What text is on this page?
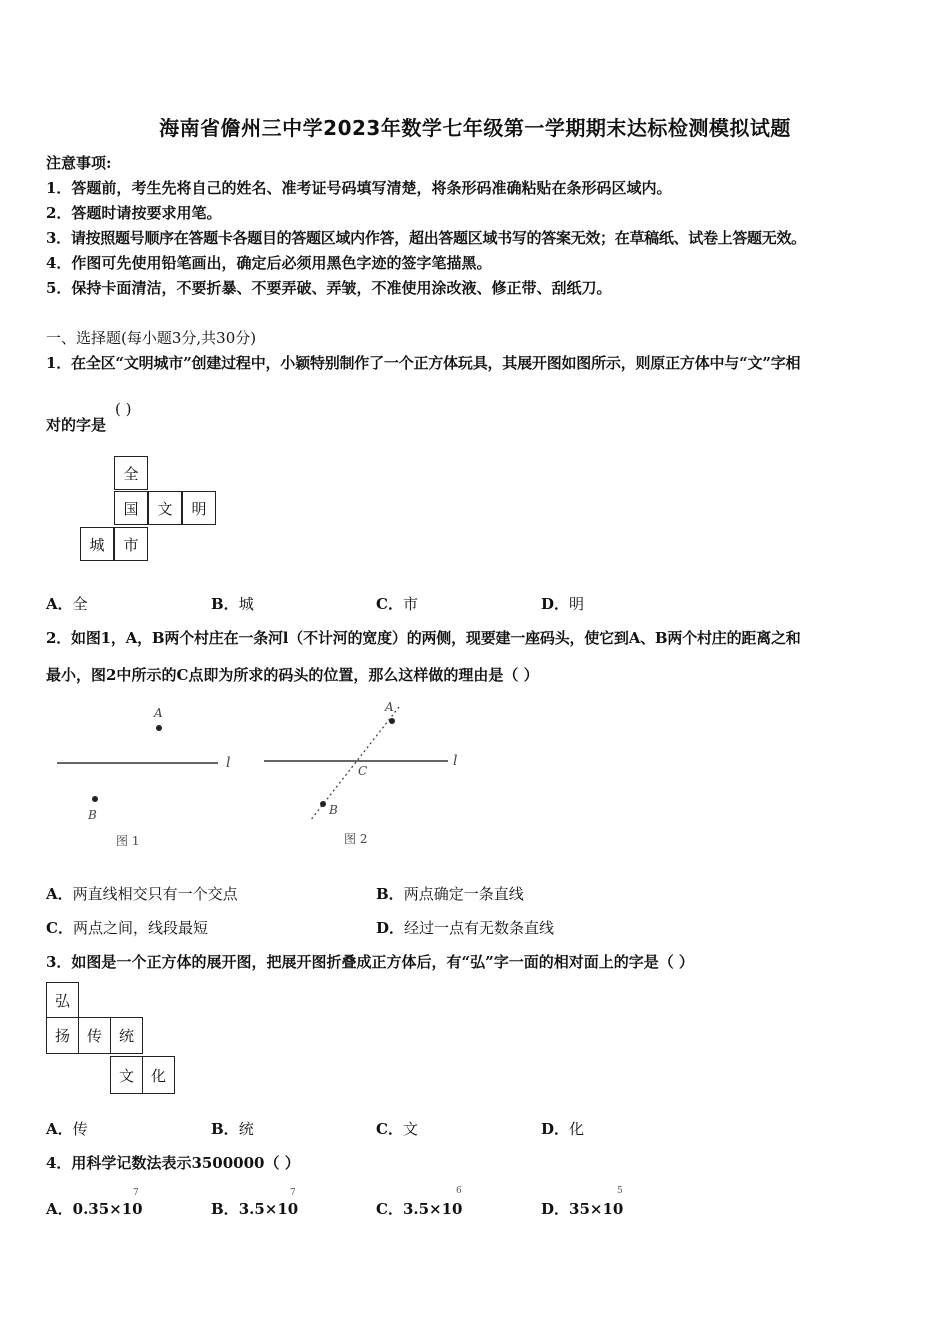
海南省儋州三中学2023年数学七年级第一学期期末达标检测模拟试题
注意事项:
1．答题前，考生先将自己的姓名、准考证号码填写清楚，将条形码准确粘贴在条形码区域内。
2．答题时请按要求用笔。
3．请按照题号顺序在答题卡各题目的答题区域内作答，超出答题区域书写的答案无效；在草稿纸、试卷上答题无效。
4．作图可先使用铅笔画出，确定后必须用黑色字迹的签字笔描黑。
5．保持卡面清洁，不要折暴、不要弄破、弄皱，不准使用涂改液、修正带、刮纸刀。
一、选择题(每小题3分,共30分)
1．在全区“文明城市”创建过程中，小颖特别制作了一个正方体玩具，其展开图如图所示，则原正方体中与“文”字相
对的字是
( )
全
国	文	明
城	市
A．全	B．城	C．市	D．明
2．如图1，A，B两个村庄在一条河l（不计河的宽度）的两侧，现要建一座码头，使它到A、B两个村庄的距离之和
最小，图2中所示的C点即为所求的码头的位置，那么这样做的理由是（ ）
l
A
B
图 1
l
A
B
C
图 2
A．两直线相交只有一个交点	B．两点确定一条直线
C．两点之间，线段最短	D．经过一点有无数条直线
3．如图是一个正方体的展开图，把展开图折叠成正方体后，有“弘”字一面的相对面上的字是（ ）
弘
扬	传	统
文	化
A．传	B．统	C．文	D．化
4．用科学记数法表示3500000（ ）
A．0.35×10
7
B．3.5×10
7
C．3.5×10
6
D．35×10
5
